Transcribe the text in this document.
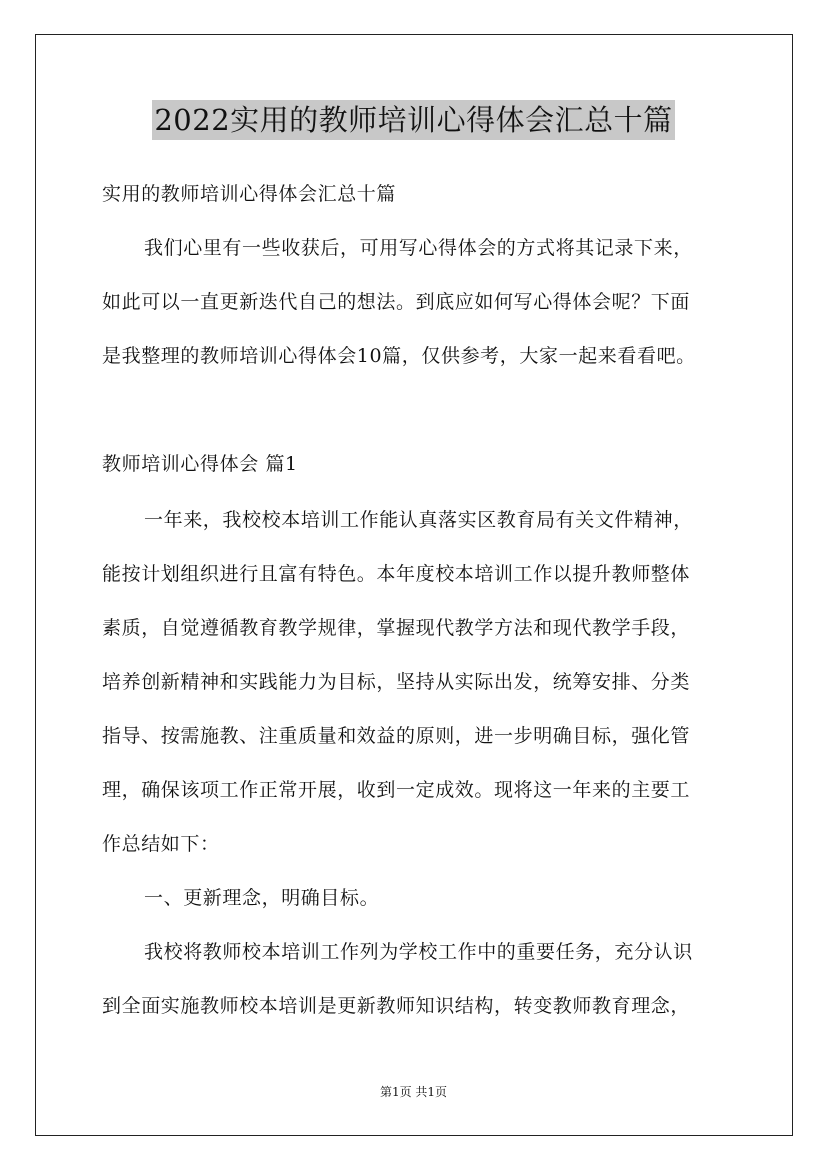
2022实用的教师培训心得体会汇总十篇
实用的教师培训心得体会汇总十篇
我们心里有一些收获后，可用写心得体会的方式将其记录下来，
如此可以一直更新迭代自己的想法。到底应如何写心得体会呢？下面
是我整理的教师培训心得体会10篇，仅供参考，大家一起来看看吧。
教师培训心得体会 篇1
一年来，我校校本培训工作能认真落实区教育局有关文件精神，
能按计划组织进行且富有特色。本年度校本培训工作以提升教师整体
素质，自觉遵循教育教学规律，掌握现代教学方法和现代教学手段，
培养创新精神和实践能力为目标，坚持从实际出发，统筹安排、分类
指导、按需施教、注重质量和效益的原则，进一步明确目标，强化管
理，确保该项工作正常开展，收到一定成效。现将这一年来的主要工
作总结如下：
一、更新理念，明确目标。
我校将教师校本培训工作列为学校工作中的重要任务，充分认识
到全面实施教师校本培训是更新教师知识结构，转变教师教育理念，
第1页 共1页
